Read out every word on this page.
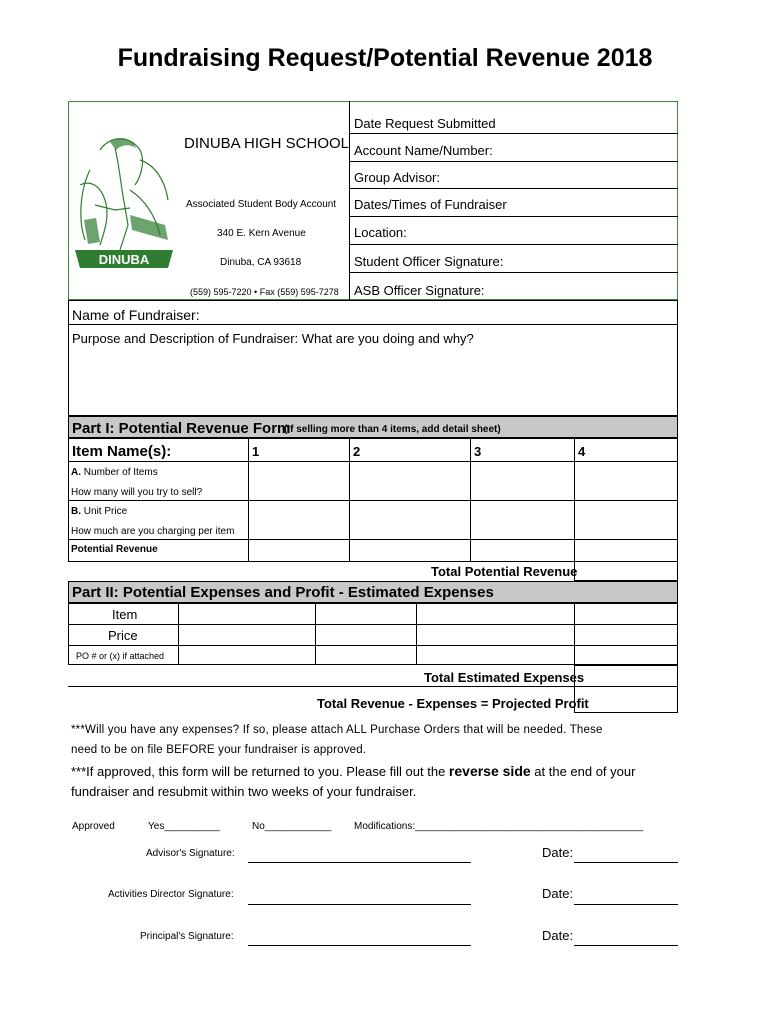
Fundraising Request/Potential Revenue 2018
DINUBA
DINUBA HIGH SCHOOL
Associated Student Body Account
340 E. Kern Avenue
Dinuba, CA 93618
(559) 595-7220 • Fax (559) 595-7278
Date Request Submitted
Account Name/Number:
Group Advisor:
Dates/Times of Fundraiser
Location:
Student Officer Signature:
ASB Officer Signature:
Name of Fundraiser:
Purpose and Description of Fundraiser: What are you doing and why?
Part I: Potential Revenue Form
(If selling more than 4 items, add detail sheet)
Item Name(s):	1	2	3	4
A. Number of Items
How many will you try to sell?
B. Unit Price
How much are you charging per item
Potential Revenue
Total Potential Revenue
Part II: Potential Expenses and Profit - Estimated Expenses
Item
Price
PO # or (x) if attached
Total Estimated Expenses
Total Revenue - Expenses = Projected Profit
***Will you have any expenses? If so, please attach ALL Purchase Orders that will be needed. These
need to be on file BEFORE your fundraiser is approved.
***If approved, this form will be returned to you. Please fill out the reverse side at the end of your
fundraiser and resubmit within two weeks of your fundraiser.
Approved	Yes__________	No____________ Modifications:_________________________________________
Advisor's Signature:	Date:
Activities Director Signature:	Date:
Principal's Signature:	Date:
